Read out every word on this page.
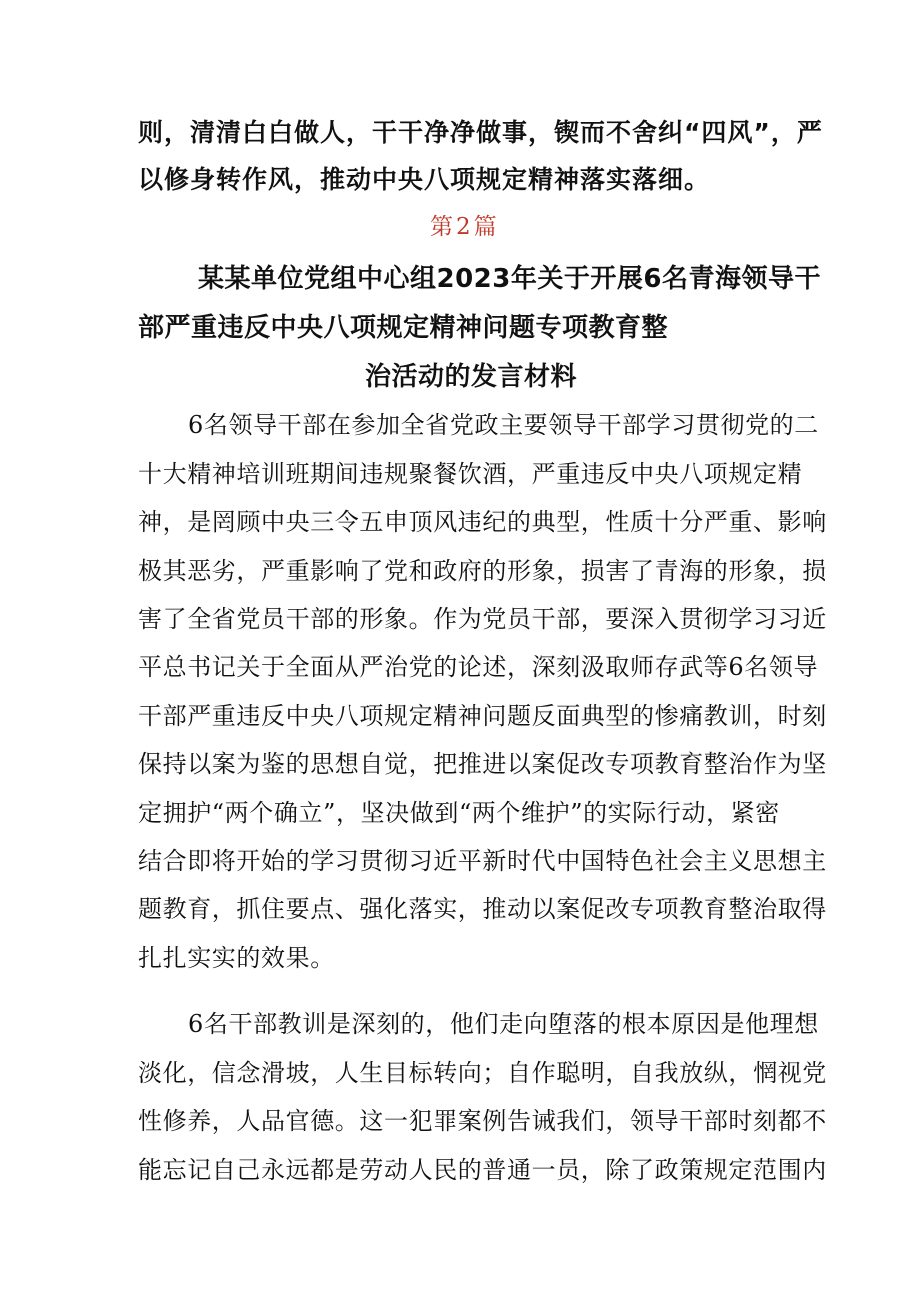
则，清清白白做人，干干净净做事，锲而不舍纠“四风”，严
以修身转作风，推动中央八项规定精神落实落细。
第2篇
某某单位党组中心组2023年关于开展6名青海领导干
部严重违反中央八项规定精神问题专项教育整
治活动的发言材料
6名领导干部在参加全省党政主要领导干部学习贯彻党的二
十大精神培训班期间违规聚餐饮酒，严重违反中央八项规定精
神，是罔顾中央三令五申顶风违纪的典型，性质十分严重、影响
极其恶劣，严重影响了党和政府的形象，损害了青海的形象，损
害了全省党员干部的形象。作为党员干部，要深入贯彻学习习近
平总书记关于全面从严治党的论述，深刻汲取师存武等6名领导
干部严重违反中央八项规定精神问题反面典型的惨痛教训，时刻
保持以案为鉴的思想自觉，把推进以案促改专项教育整治作为坚
定拥护“两个确立”，坚决做到“两个维护”的实际行动，紧密
结合即将开始的学习贯彻习近平新时代中国特色社会主义思想主
题教育，抓住要点、强化落实，推动以案促改专项教育整治取得
扎扎实实的效果。
6名干部教训是深刻的，他们走向堕落的根本原因是他理想
淡化，信念滑坡，人生目标转向；自作聪明，自我放纵，惘视党
性修养，人品官德。这一犯罪案例告诫我们，领导干部时刻都不
能忘记自己永远都是劳动人民的普通一员，除了政策规定范围内
